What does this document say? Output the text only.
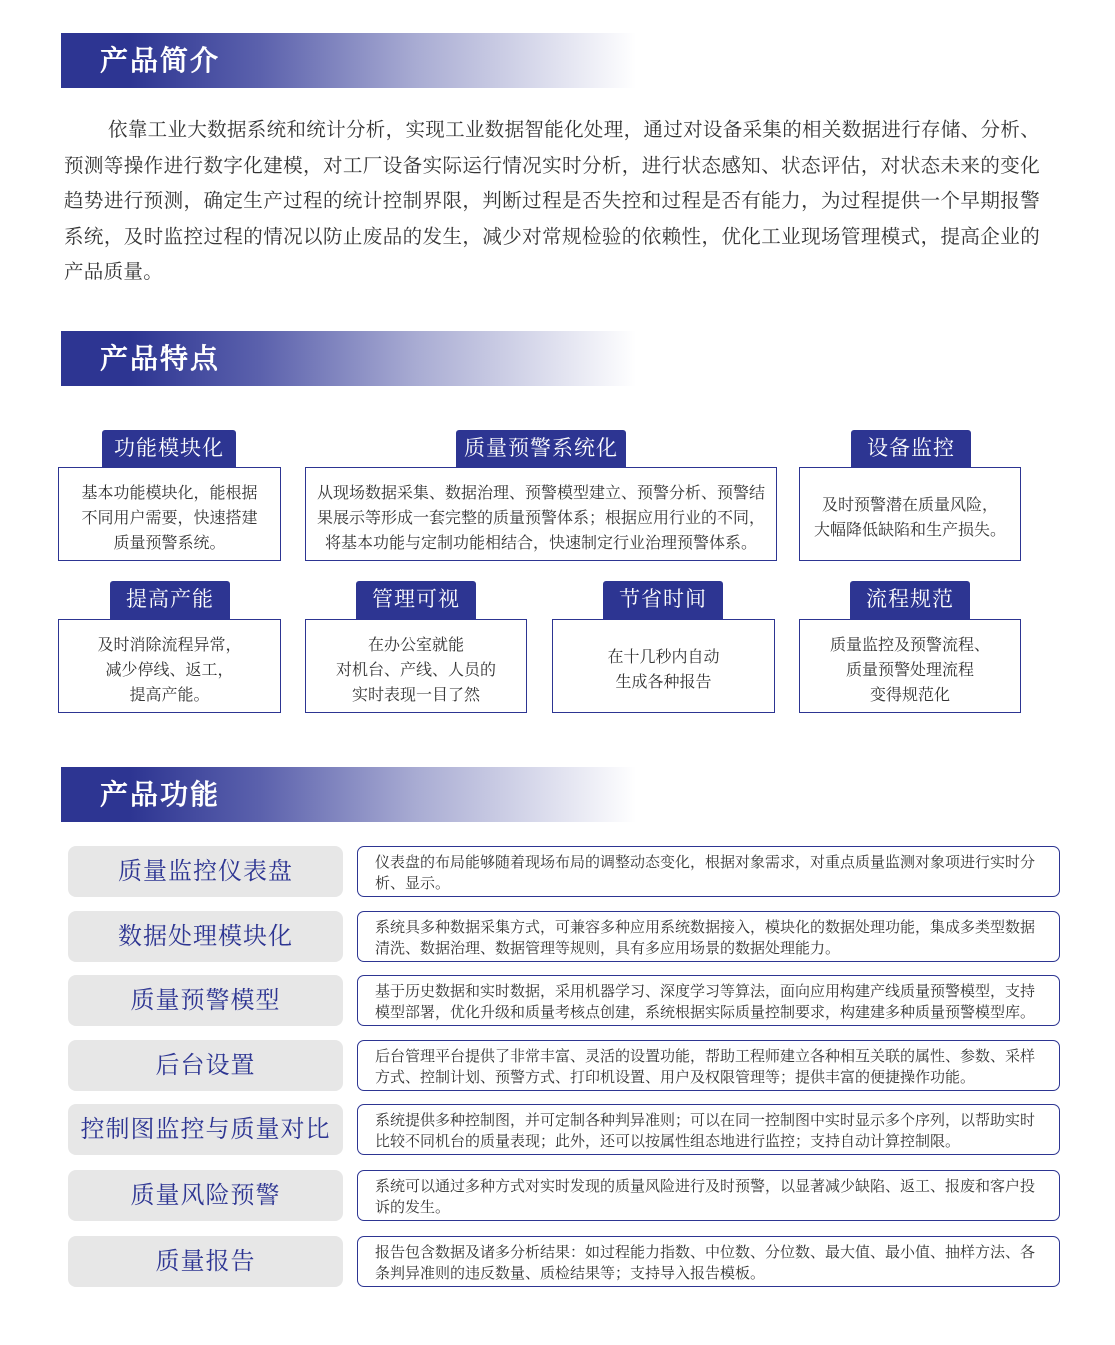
产品简介

依靠工业大数据系统和统计分析，实现工业数据智能化处理，通过对设备采集的相关数据进行存储、分析、预测等操作进行数字化建模，对工厂设备实际运行情况实时分析，进行状态感知、状态评估，对状态未来的变化趋势进行预测，确定生产过程的统计控制界限，判断过程是否失控和过程是否有能力，为过程提供一个早期报警系统，及时监控过程的情况以防止废品的发生，减少对常规检验的依赖性，优化工业现场管理模式，提高企业的产品质量。

产品特点
基本功能模块化，能根据
不同用户需要，快速搭建
质量预警系统。
功能模块化
从现场数据采集、数据治理、预警模型建立、预警分析、预警结
果展示等形成一套完整的质量预警体系；根据应用行业的不同，
将基本功能与定制功能相结合，快速制定行业治理预警体系。
质量预警系统化
及时预警潜在质量风险，
大幅降低缺陷和生产损失。
设备监控
及时消除流程异常，
减少停线、返工，
提高产能。
提高产能
在办公室就能
对机台、产线、人员的
实时表现一目了然
管理可视
在十几秒内自动
生成各种报告
节省时间
质量监控及预警流程、
质量预警处理流程
变得规范化
流程规范
产品功能
质量监控仪表盘	仪表盘的布局能够随着现场布局的调整动态变化，根据对象需求，对重点质量监测对象项进行实时分析、显示。
数据处理模块化	系统具多种数据采集方式，可兼容多种应用系统数据接入，模块化的数据处理功能，集成多类型数据清洗、数据治理、数据管理等规则，具有多应用场景的数据处理能力。
质量预警模型	基于历史数据和实时数据，采用机器学习、深度学习等算法，面向应用构建产线质量预警模型，支持模型部署，优化升级和质量考核点创建，系统根据实际质量控制要求，构建建多种质量预警模型库。
后台设置	后台管理平台提供了非常丰富、灵活的设置功能，帮助工程师建立各种相互关联的属性、参数、采样方式、控制计划、预警方式、打印机设置、用户及权限管理等；提供丰富的便捷操作功能。
控制图监控与质量对比	系统提供多种控制图，并可定制各种判异准则；可以在同一控制图中实时显示多个序列，以帮助实时比较不同机台的质量表现；此外，还可以按属性组态地进行监控；支持自动计算控制限。
质量风险预警	系统可以通过多种方式对实时发现的质量风险进行及时预警，以显著减少缺陷、返工、报废和客户投诉的发生。
质量报告	报告包含数据及诸多分析结果：如过程能力指数、中位数、分位数、最大值、最小值、抽样方法、各条判异准则的违反数量、质检结果等；支持导入报告模板。
